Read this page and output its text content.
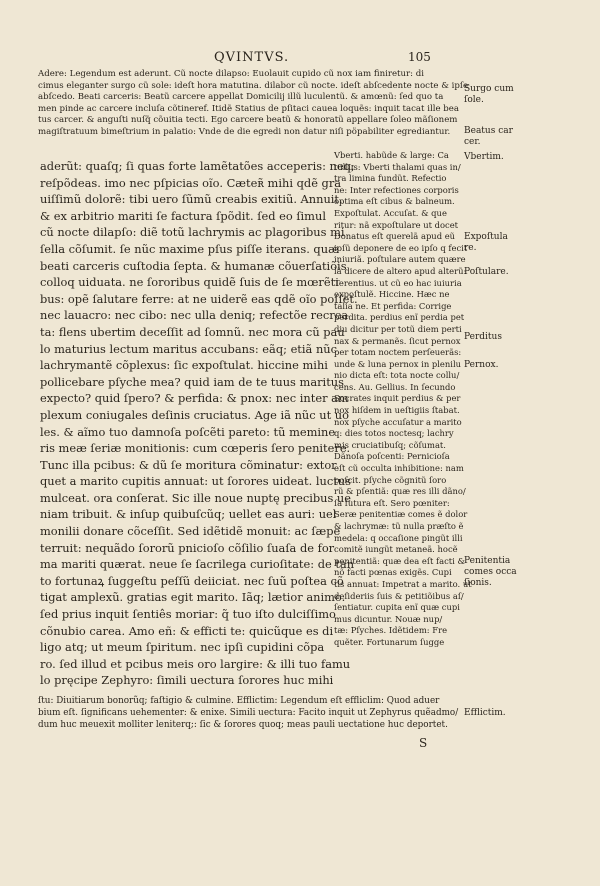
QVINTVS.	105
Adere: Legendum est aderunt. Cũ nocte dilapso: Euolauit cupido cũ nox iam finiretur: di
cimus eleganter surgo cũ sole: ideſt hora matutina. dilabor cũ nocte. ideſt abſcedente nocte & ipſe
abſcedo. Beati carceris: Beatũ carcere appellat Domicilij illũ luculentũ. & amœnũ: ſed quo ta
men pinde ac carcere incluſa cõtineref. Itidẽ Statius de pſitaci cauea loquẽs: inquit tacat ille bea
tus carcer. & anguſti nuſq̃ cõuitia tecti. Ego carcere beatũ & honoratũ appellare ſoleo mãſionem
magiſtratuum bimeſtrium in palatio: Vnde de die egredi non datur niſi pöpabiliter egrediantur.
aderũt: quaſq; ſi quas forte lamẽtatões acceperis: neq;
reſpõdeas. imo nec pſpicias oĩo. Cæteʀ̃ mihi qdẽ gra
uiſſimũ dolorẽ: tibi uero ſũmũ creabis exitiũ. Annuit.
& ex arbitrio mariti ſe factura ſpõdit. ſed eo ſimul
cũ nocte dilapſo: diẽ totũ lachrymis ac plagoribus mi
ſella cõſumit. ſe nũc maxime pſus piſſe iterans. quæ
beati carceris cuſtodia ſepta. & humanæ cõuerſatiõis
colloq uiduata. ne ſororibus quidẽ ſuis de ſe mœrẽti
bus: opẽ ſalutare ferre: at ne uiderẽ eas qdẽ oĩo poſſet.
nec lauacro: nec cibo: nec ulla deniq; refectõe recrea
ta: flens ubertim deceſſit ad ſomnũ. nec mora cũ pau
lo maturius lectum maritus accubans: eãq; etiã nũc
lachrymantẽ cõplexus: ſic expoſtulat. hiccine mihi
pollicebare pſyche mea? quid iam de te tuus maritus
expecto? quid ſpero? & perfida: & pnox: nec inter am
plexum coniugales deſinis cruciatus. Age iã nũc ut uo
les. & aĩmo tuo damnoſa poſcẽti pareto: tũ memine
ris meæ ſeriæ monitionis: cum cœperis ſero penitere.
Tunc illa pcibus: & dũ ſe moritura cõminatur: extor
quet a marito cupitis annuat: ut ſorores uideat. luctus
mulceat. ora conſerat. Sic ille noue nuptę precibus ue
niam tribuit. & inſup quibuſcũq; uellet eas auri: uel
monilii donare cõceſſit. Sed idẽtidẽ monuit: ac ſæpe
terruit: nequãdo ſororũ pnicioſo cõſilio ſuaſa de for
ma mariti quærat. neue ſe ſacrilega curioſitate: de tan
to fortunaꝝ ſuggeſtu peſſũ deiiciat. nec ſuũ poſtea cõ
tigat amplexũ. gratias egit marito. Iãq; lætior animo.
ſed prius inquit ſentiês moriar: q̃ tuo iſto dulciſſimo
cõnubio carea. Amo eñ: & efficti te: quicũque es di
ligo atq; ut meum ſpiritum. nec ipſi cupidini cõpa
ro. ſed illud et pcibus meis oro largire: & illi tuo famu
lo pręcipe Zephyro: ſimili uectura ſorores huc mihi
Vberti. habũde & large: Ca
tullus: Vberti thalami quas in/
tra limina fundũt. Refectio
ne: Inter refectiones corporis
optima eſt cibus & balneum.
Expoſtulat. Accuſat. & que
ritur: nã expoſtulare ut docet
Donatus eſt querelã apud eũ
ipſũ deponere de eo ipſo q fecit
iniuriã. poſtulare autem quære
lã dicere de altero apud alterũ:
Terentius. ut cũ eo hac iuiuria
expoſtulẽ. Hiccine. Hæc ne
talia ne. Et perfida: Corrige
perdita. perdius enĩ perdia pet
diu dicitur per totũ diem perti
nax & permanẽs. ſicut pernox
per totam noctem perſeuerãs:
unde & luna pernox in plenilu
nio dicta eſt: tota nocte collu/
cens. Au. Gellius. In ſecundo
Socrates inquit perdius & per
nox hiſdem in ueſtigiis ſtabat.
nox pſyche accuſatur a marito
q: dies totos noctesq; lachry
mis cruciatibuſq; cõſumat.
Dãnoſa poſcenti: Pernicioſa
eſt cũ occulta inhibitione: nam
poſcit. pſyche cõgnitũ ſoro
rũ & pſentiã: quæ res illi dãno/
ſa futura eſt. Sero pœniter:
Seræ penitentiæ comes ẽ dolor
& lachrymæ: tũ nulla præſto ẽ
medela: q occaſione pingũt illi
comitẽ iungũt metaneã. hocẽ
penitentiã: quæ dea eſt facti &
nõ facti pœnas exigẽs. Cupi
tis annuat: Impetrat a marito. ut
deſideriis ſuis & petitiõibus aſ/
ſentiatur. cupita enĩ quæ cupi
mus dicuntur. Nouæ nup/
tæ: Pſyches. Idẽtidem: Fre
quẽter. Fortunarum ſugge
ſtu: Diuitiarum bonorũq; faſtigio & culmine. Efflictim: Legendum eſt effliclim: Quod aduer
bium eſt. ſignificans uehementer: & enixe. Simili uectura: Facito inquit ut Zephyrus quẽadmo/
dum huc meuexit molliter leniterq;: ſic & ſorores quoq; meas pauli uectatione huc deportet.
Surgo cum
ſole.
Beatus car
cer.
Vbertim.
Expoſtula
re.
Poſtulare.
Perditus
Pernox.
Penitentia
comes occa
ſionis.
Efflictim.
S
